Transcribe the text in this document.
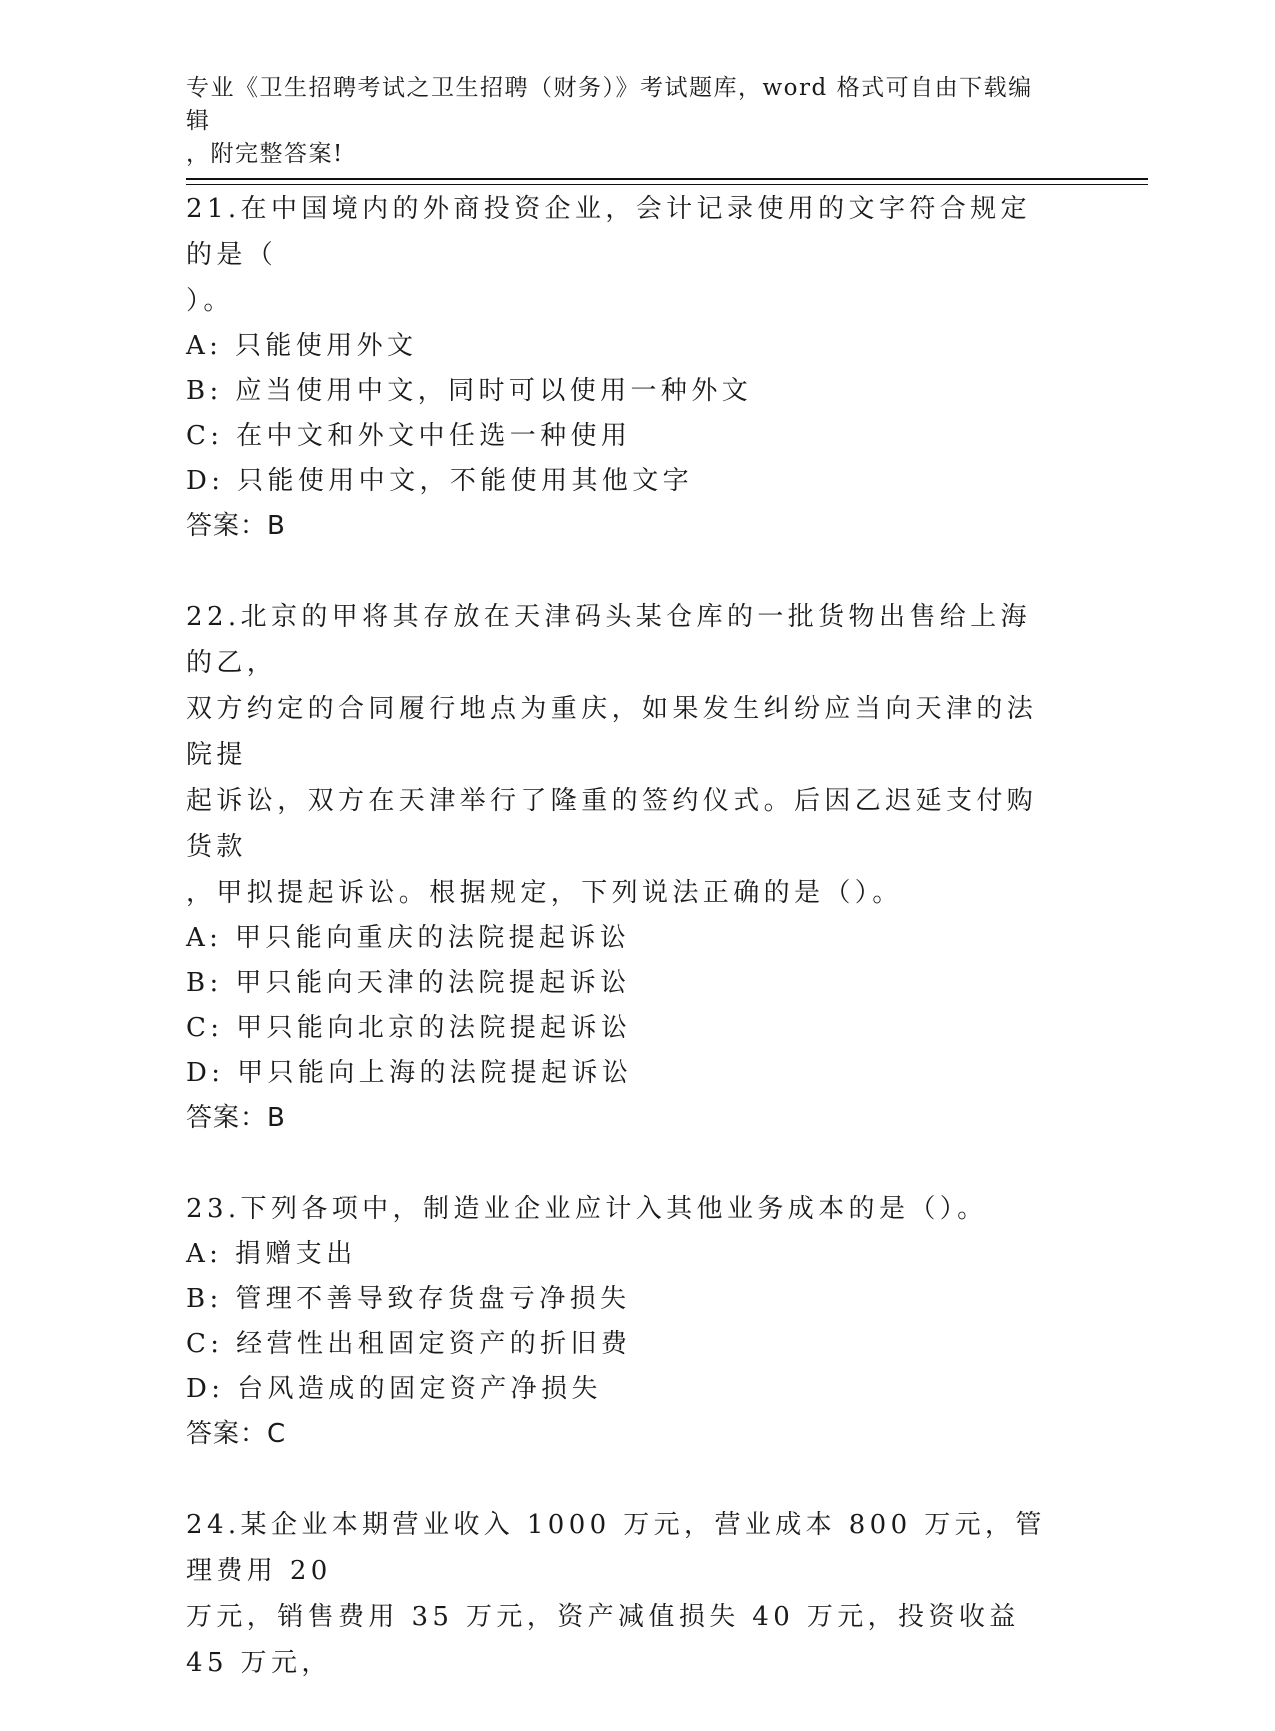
专业《卫生招聘考试之卫生招聘（财务）》考试题库，word 格式可自由下载编辑
，附完整答案!

21.在中国境内的外商投资企业，会计记录使用的文字符合规定的是（

）。

A: 只能使用外文

B: 应当使用中文，同时可以使用一种外文

C: 在中文和外文中任选一种使用

D: 只能使用中文，不能使用其他文字

答案：B

22.北京的甲将其存放在天津码头某仓库的一批货物出售给上海的乙，

双方约定的合同履行地点为重庆，如果发生纠纷应当向天津的法院提

起诉讼，双方在天津举行了隆重的签约仪式。后因乙迟延支付购货款

，甲拟提起诉讼。根据规定，下列说法正确的是（）。

A: 甲只能向重庆的法院提起诉讼

B: 甲只能向天津的法院提起诉讼

C: 甲只能向北京的法院提起诉讼

D: 甲只能向上海的法院提起诉讼

答案：B

23.下列各项中，制造业企业应计入其他业务成本的是（）。

A: 捐赠支出

B: 管理不善导致存货盘亏净损失

C: 经营性出租固定资产的折旧费

D: 台风造成的固定资产净损失

答案：C

24.某企业本期营业收入 1000 万元，营业成本 800 万元，管理费用 20

万元，销售费用 35 万元，资产减值损失 40 万元，投资收益 45 万元，
